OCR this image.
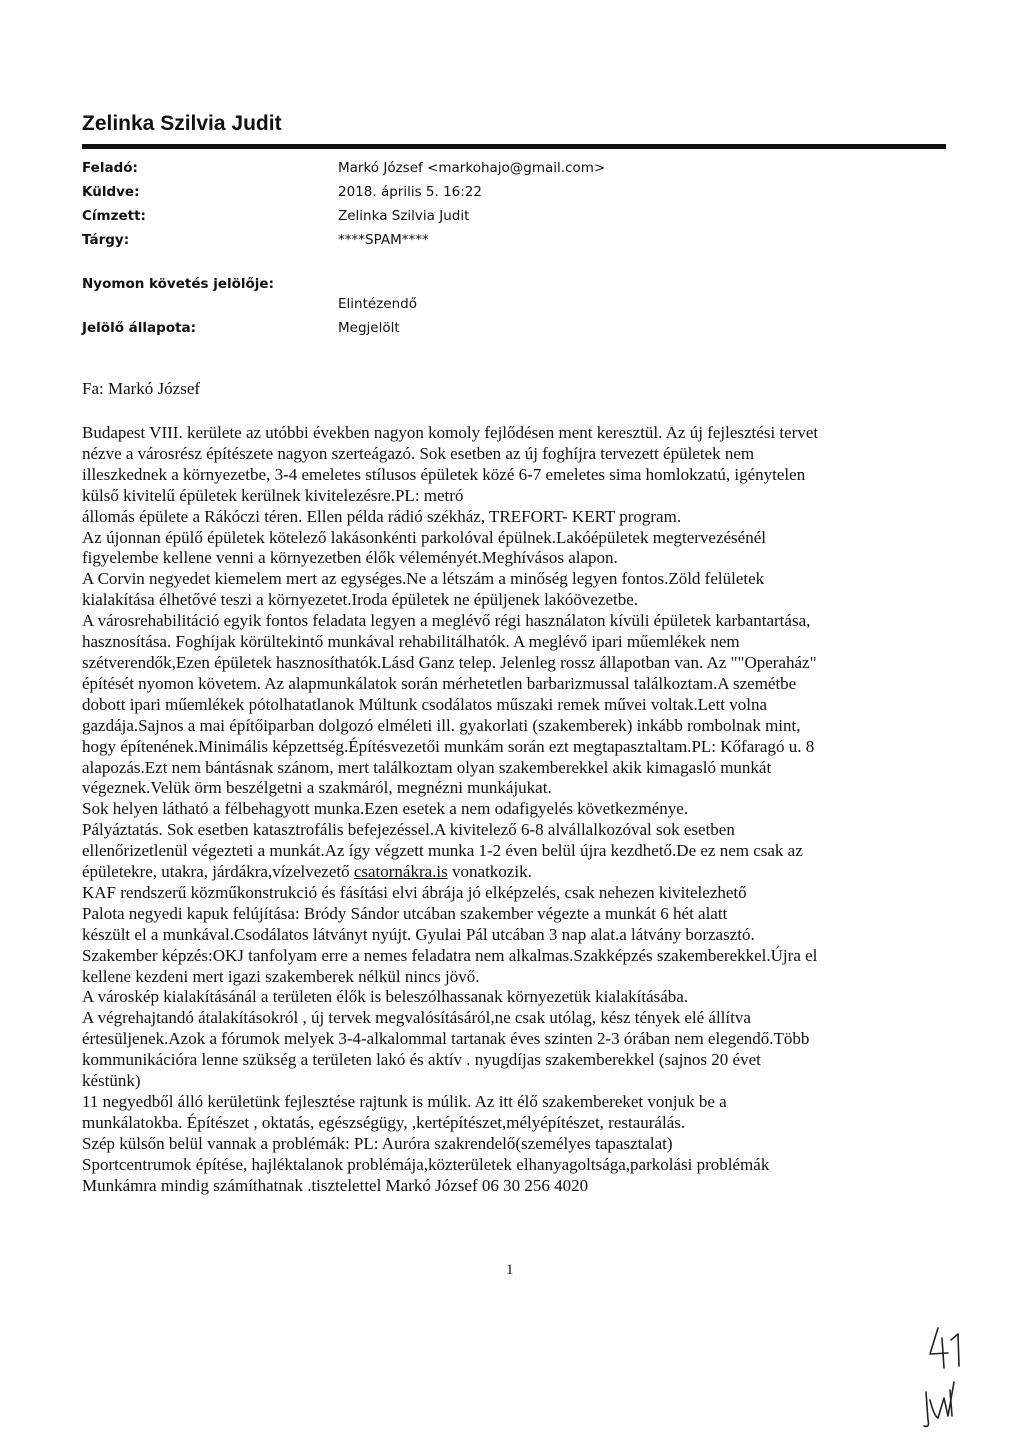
Zelinka Szilvia Judit
Feladó:	Markó József <markohajo@gmail.com>
Küldve:	2018. április 5. 16:22
Címzett:	Zelinka Szilvia Judit
Tárgy:	****SPAM****
Nyomon követés jelölője:
Elintézendő
Jelölő állapota:	Megjelölt
Fa: Markó József
Budapest VIII. kerülete az utóbbi években nagyon komoly fejlődésen ment keresztül. Az új fejlesztési tervet
nézve a városrész építészete nagyon szerteágazó. Sok esetben az új foghíjra tervezett épületek nem
illeszkednek a környezetbe, 3-4 emeletes stílusos épületek közé 6-7 emeletes sima homlokzatú, igénytelen
külső kivitelű épületek kerülnek kivitelezésre.PL: metró
állomás épülete a Rákóczi téren. Ellen példa rádió székház, TREFORT- KERT program.
Az újonnan épülő épületek kötelező lakásonkénti parkolóval épülnek.Lakóépületek megtervezésénél
figyelembe kellene venni a környezetben élők véleményét.Meghívásos alapon.
A Corvin negyedet kiemelem mert az egységes.Ne a létszám a minőség legyen fontos.Zöld felületek
kialakítása élhetővé teszi a környezetet.Iroda épületek ne épüljenek lakóövezetbe.
A városrehabilitáció egyik fontos feladata legyen a meglévő régi használaton kívüli épületek karbantartása,
hasznosítása. Foghíjak körültekintő munkával rehabilitálhatók. A meglévő ipari műemlékek nem
szétverendők,Ezen épületek hasznosíthatók.Lásd Ganz telep. Jelenleg rossz állapotban van. Az ""Operaház"
építését nyomon követem. Az alapmunkálatok során mérhetetlen barbarizmussal találkoztam.A szemétbe
dobott ipari műemlékek pótolhatatlanok Múltunk csodálatos műszaki remek művei voltak.Lett volna
gazdája.Sajnos a mai építőiparban dolgozó elméleti ill. gyakorlati (szakemberek) inkább rombolnak mint,
hogy építenének.Minimális képzettség.Építésvezetői munkám során ezt megtapasztaltam.PL: Kőfaragó u. 8
alapozás.Ezt nem bántásnak szánom, mert találkoztam olyan szakemberekkel akik kimagasló munkát
végeznek.Velük örm beszélgetni a szakmáról, megnézni munkájukat.
Sok helyen látható a félbehagyott munka.Ezen esetek a nem odafigyelés következménye.
Pályáztatás. Sok esetben katasztrofális befejezéssel.A kivitelező 6-8 alvállalkozóval sok esetben
ellenőrizetlenül végezteti a munkát.Az így végzett munka 1-2 éven belül újra kezdhető.De ez nem csak az
épületekre, utakra, járdákra,vízelvezető csatornákra.is vonatkozik.
KAF rendszerű közműkonstrukció és fásítási elvi ábrája jó elképzelés, csak nehezen kivitelezhető
Palota negyedi kapuk felújítása: Bródy Sándor utcában szakember végezte a munkát 6 hét alatt
készült el a munkával.Csodálatos látványt nyújt. Gyulai Pál utcában 3 nap alat.a látvány borzasztó.
Szakember képzés:OKJ tanfolyam erre a nemes feladatra nem alkalmas.Szakképzés szakemberekkel.Újra el
kellene kezdeni mert igazi szakemberek nélkül nincs jövő.
A városkép kialakításánál a területen élők is beleszólhassanak környezetük kialakításába.
A végrehajtandó átalakításokról , új tervek megvalósításáról,ne csak utólag, kész tények elé állítva
értesüljenek.Azok a fórumok melyek 3-4-alkalommal tartanak éves szinten 2-3 órában nem elegendő.Több
kommunikációra lenne szükség a területen lakó és aktív . nyugdíjas szakemberekkel (sajnos 20 évet
késtünk)
11 negyedből álló kerületünk fejlesztése rajtunk is múlik. Az itt élő szakembereket vonjuk be a
munkálatokba. Építészet , oktatás, egészségügy, ,kertépítészet,mélyépítészet, restaurálás.
Szép külsőn belül vannak a problémák: PL: Auróra szakrendelő(személyes tapasztalat)
Sportcentrumok építése, hajléktalanok problémája,közterületek elhanyagoltsága,parkolási problémák
Munkámra mindig számíthatnak .tisztelettel Markó József 06 30 256 4020
1
